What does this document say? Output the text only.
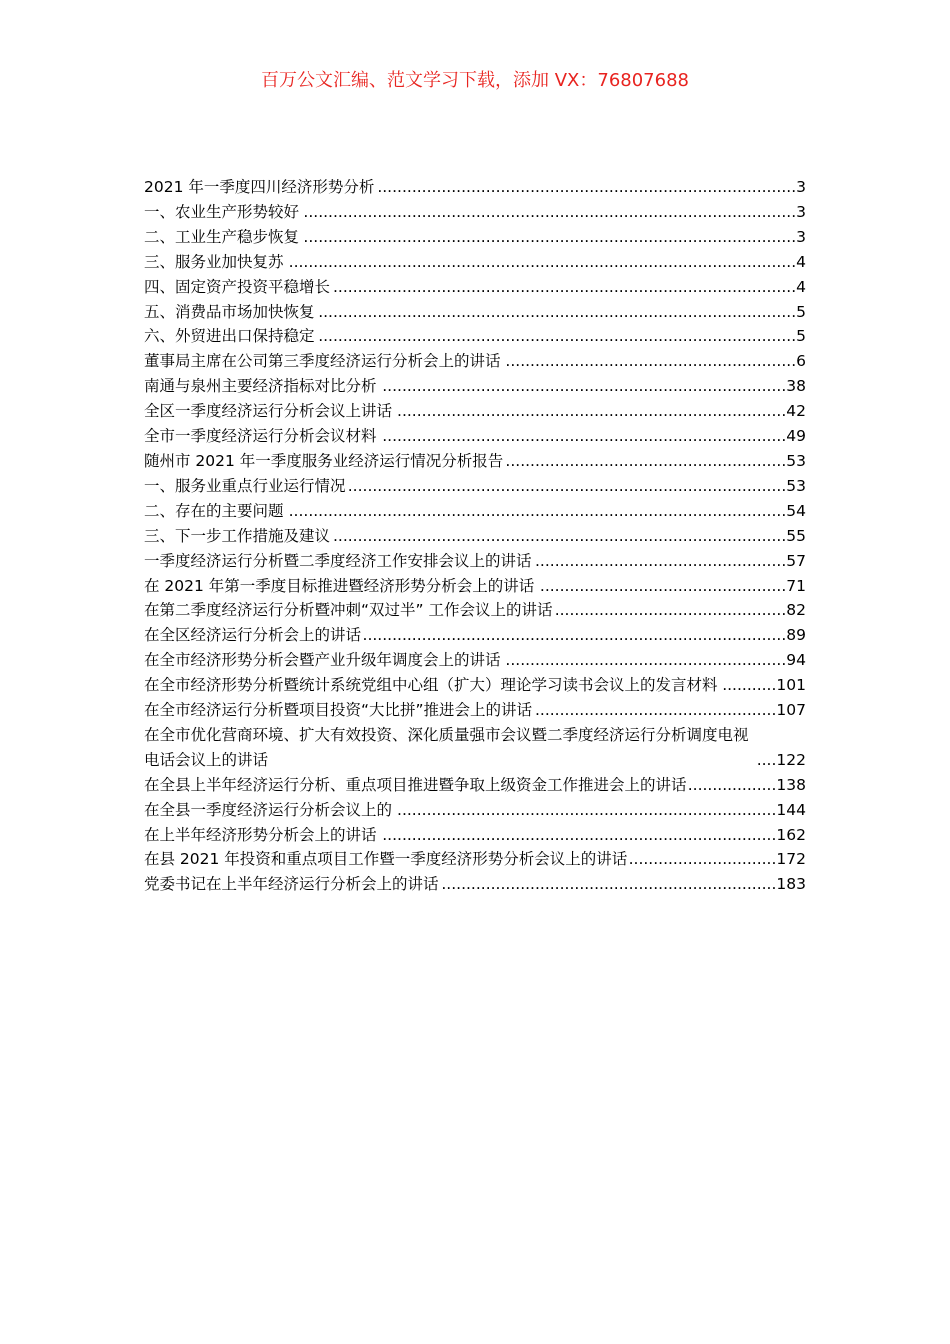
百万公文汇编、范文学习下载，添加 VX：76807688
2021 年一季度四川经济形势分析 ..................................................................................... 3
一、农业生产形势较好 .................................................................................................... 3
二、工业生产稳步恢复 .................................................................................................... 3
三、服务业加快复苏 ....................................................................................................... 4
四、固定资产投资平稳增长 .............................................................................................. 4
五、消费品市场加快恢复 ................................................................................................. 5
六、外贸进出口保持稳定 ................................................................................................. 5
董事局主席在公司第三季度经济运行分析会上的讲话 ........................................................... 6
南通与泉州主要经济指标对比分析 .................................................................................. 38
全区一季度经济运行分析会议上讲话 ............................................................................... 42
全市一季度经济运行分析会议材料 .................................................................................. 49
随州市 2021 年一季度服务业经济运行情况分析报告 ......................................................... 53
一、服务业重点行业运行情况 ......................................................................................... 53
二、存在的主要问题 ..................................................................................................... 54
三、下一步工作措施及建议 ............................................................................................ 55
一季度经济运行分析暨二季度经济工作安排会议上的讲话 ................................................... 57
在 2021 年第一季度目标推进暨经济形势分析会上的讲话 .................................................. 71
在第二季度经济运行分析暨冲刺“双过半” 工作会议上的讲话 ............................................... 82
在全区经济运行分析会上的讲话 ...................................................................................... 89
在全市经济形势分析会暨产业升级年调度会上的讲话 ......................................................... 94
在全市经济形势分析暨统计系统党组中心组（扩大）理论学习读书会议上的发言材料 ........... 101
在全市经济运行分析暨项目投资“大比拼”推进会上的讲话 ................................................. 107
在全市优化营商环境、扩大有效投资、深化质量强市会议暨二季度经济运行分析调度电视电话会议上的讲话	.... 122
在全县上半年经济运行分析、重点项目推进暨争取上级资金工作推进会上的讲话 .................. 138
在全县一季度经济运行分析会议上的 ............................................................................. 144
在上半年经济形势分析会上的讲话 ................................................................................ 162
在县 2021 年投资和重点项目工作暨一季度经济形势分析会议上的讲话 .............................. 172
党委书记在上半年经济运行分析会上的讲话 .................................................................... 183
